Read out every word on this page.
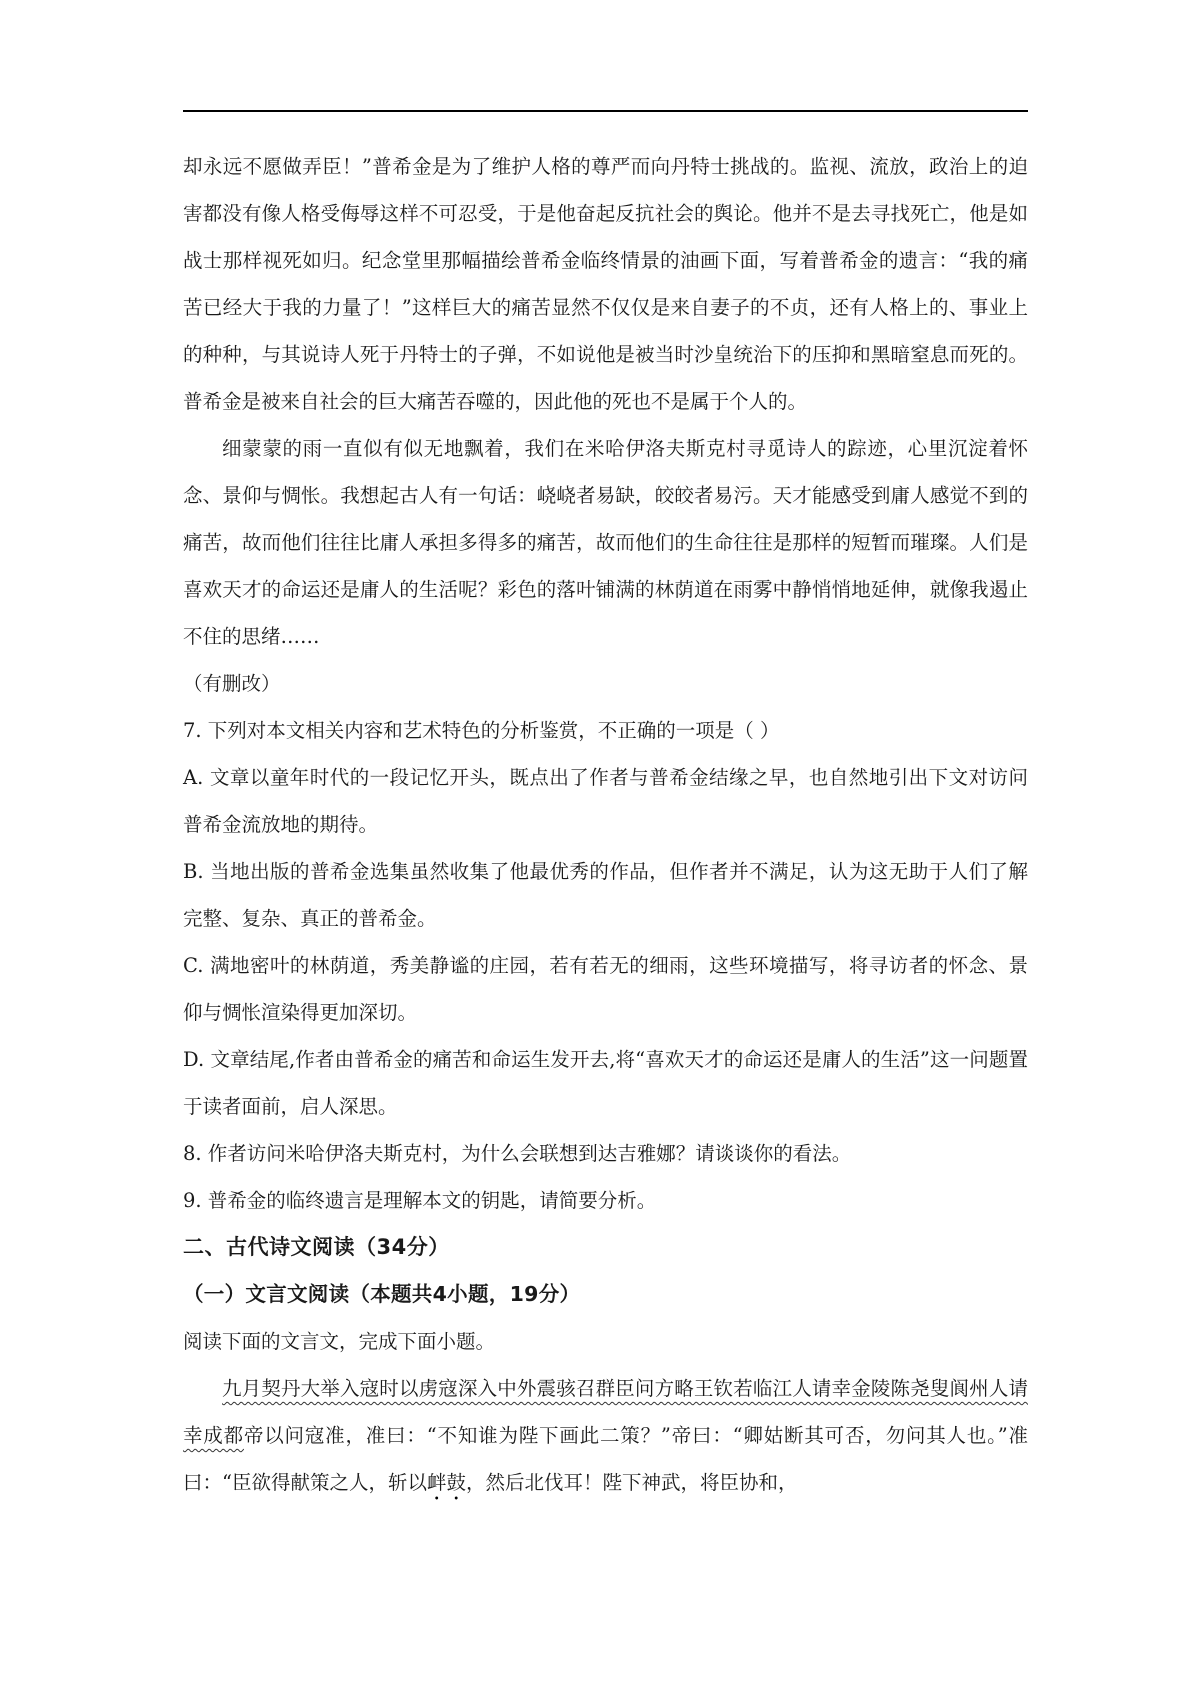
却永远不愿做弄臣！”普希金是为了维护人格的尊严而向丹特士挑战的。监视、流放，政治上的迫害都没有像人格受侮辱这样不可忍受，于是他奋起反抗社会的舆论。他并不是去寻找死亡，他是如战士那样视死如归。纪念堂里那幅描绘普希金临终情景的油画下面，写着普希金的遗言：“我的痛苦已经大于我的力量了！”这样巨大的痛苦显然不仅仅是来自妻子的不贞，还有人格上的、事业上的种种，与其说诗人死于丹特士的子弹，不如说他是被当时沙皇统治下的压抑和黑暗窒息而死的。普希金是被来自社会的巨大痛苦吞噬的，因此他的死也不是属于个人的。

细蒙蒙的雨一直似有似无地飘着，我们在米哈伊洛夫斯克村寻觅诗人的踪迹，心里沉淀着怀念、景仰与惆怅。我想起古人有一句话：峣峣者易缺，皎皎者易污。天才能感受到庸人感觉不到的痛苦，故而他们往往比庸人承担多得多的痛苦，故而他们的生命往往是那样的短暂而璀璨。人们是喜欢天才的命运还是庸人的生活呢？彩色的落叶铺满的林荫道在雨雾中静悄悄地延伸，就像我遏止不住的思绪……

（有删改）

7. 下列对本文相关内容和艺术特色的分析鉴赏，不正确的一项是（ ）

A. 文章以童年时代的一段记忆开头，既点出了作者与普希金结缘之早，也自然地引出下文对访问普希金流放地的期待。

B. 当地出版的普希金选集虽然收集了他最优秀的作品，但作者并不满足，认为这无助于人们了解完整、复杂、真正的普希金。

C. 满地密叶的林荫道，秀美静谧的庄园，若有若无的细雨，这些环境描写，将寻访者的怀念、景仰与惆怅渲染得更加深切。

D. 文章结尾,作者由普希金的痛苦和命运生发开去,将“喜欢天才的命运还是庸人的生活”这一问题置于读者面前，启人深思。

8. 作者访问米哈伊洛夫斯克村，为什么会联想到达吉雅娜？请谈谈你的看法。

9. 普希金的临终遗言是理解本文的钥匙，请简要分析。

二、古代诗文阅读（34分）

（一）文言文阅读（本题共4小题，19分）

阅读下面的文言文，完成下面小题。

九月契丹大举入寇时以虏寇深入中外震骇召群臣问方略王钦若临江人请幸金陵陈尧叟阆州人请幸成都帝以问寇准，准曰：“不知谁为陛下画此二策？”帝曰：“卿姑断其可否，勿问其人也。”准曰：“臣欲得献策之人，斩以衅鼓，然后北伐耳！陛下神武，将臣协和，
